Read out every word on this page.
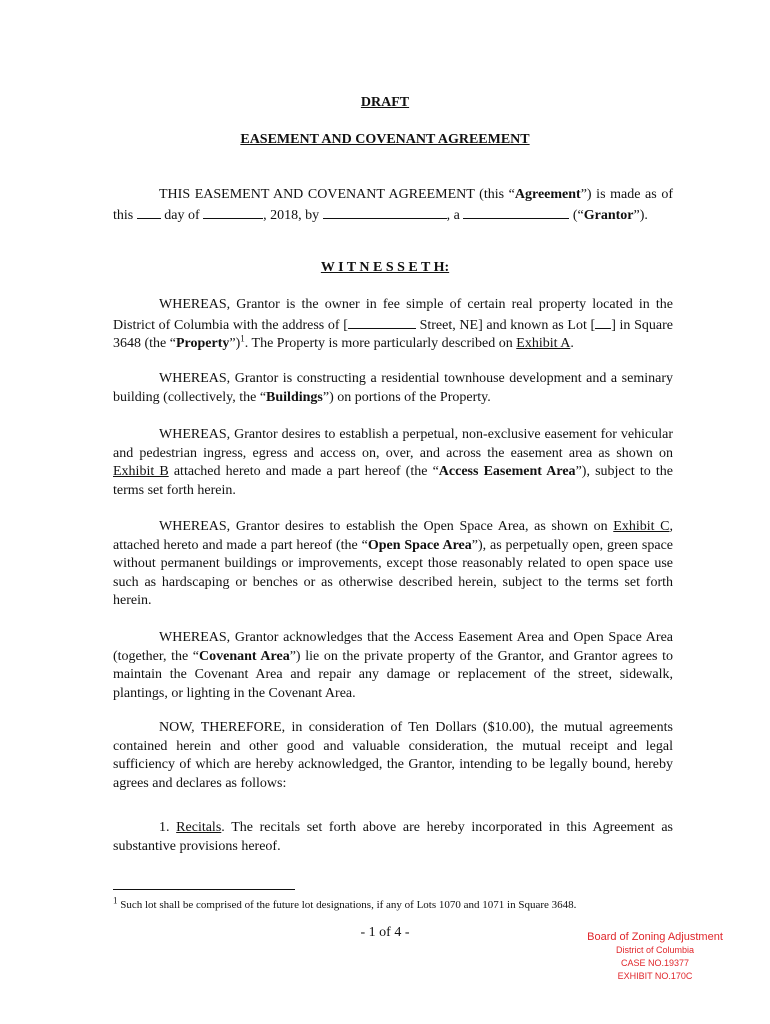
DRAFT
EASEMENT AND COVENANT AGREEMENT
THIS EASEMENT AND COVENANT AGREEMENT (this “Agreement”) is made as of this  day of	, 2018, by	, a	(“Grantor”).
W I T N E S S E T H:
WHEREAS, Grantor is the owner in fee simple of certain real property located in the District of Columbia with the address of [	Street, NE] and known as Lot [ ] in Square 3648 (the “Property”)$^1$. The Property is more particularly described on Exhibit A.
WHEREAS, Grantor is constructing a residential townhouse development and a seminary building (collectively, the “Buildings”) on portions of the Property.
WHEREAS, Grantor desires to establish a perpetual, non-exclusive easement for vehicular and pedestrian ingress, egress and access on, over, and across the easement area as shown on Exhibit B attached hereto and made a part hereof (the “Access Easement Area”), subject to the terms set forth herein.
WHEREAS, Grantor desires to establish the Open Space Area, as shown on Exhibit C, attached hereto and made a part hereof (the “Open Space Area”), as perpetually open, green space without permanent buildings or improvements, except those reasonably related to open space use such as hardscaping or benches or as otherwise described herein, subject to the terms set forth herein.
WHEREAS, Grantor acknowledges that the Access Easement Area and Open Space Area (together, the “Covenant Area”) lie on the private property of the Grantor, and Grantor agrees to maintain the Covenant Area and repair any damage or replacement of the street, sidewalk, plantings, or lighting in the Covenant Area.
NOW, THEREFORE, in consideration of Ten Dollars ($10.00), the mutual agreements contained herein and other good and valuable consideration, the mutual receipt and legal sufficiency of which are hereby acknowledged, the Grantor, intending to be legally bound, hereby agrees and declares as follows:
1. Recitals. The recitals set forth above are hereby incorporated in this Agreement as substantive provisions hereof.
$^1$ Such lot shall be comprised of the future lot designations, if any of Lots 1070 and 1071 in Square 3648.
- 1 of 4 -	Board of Zoning Adjustment
District of Columbia
CASE NO.19377
EXHIBIT NO.170C
